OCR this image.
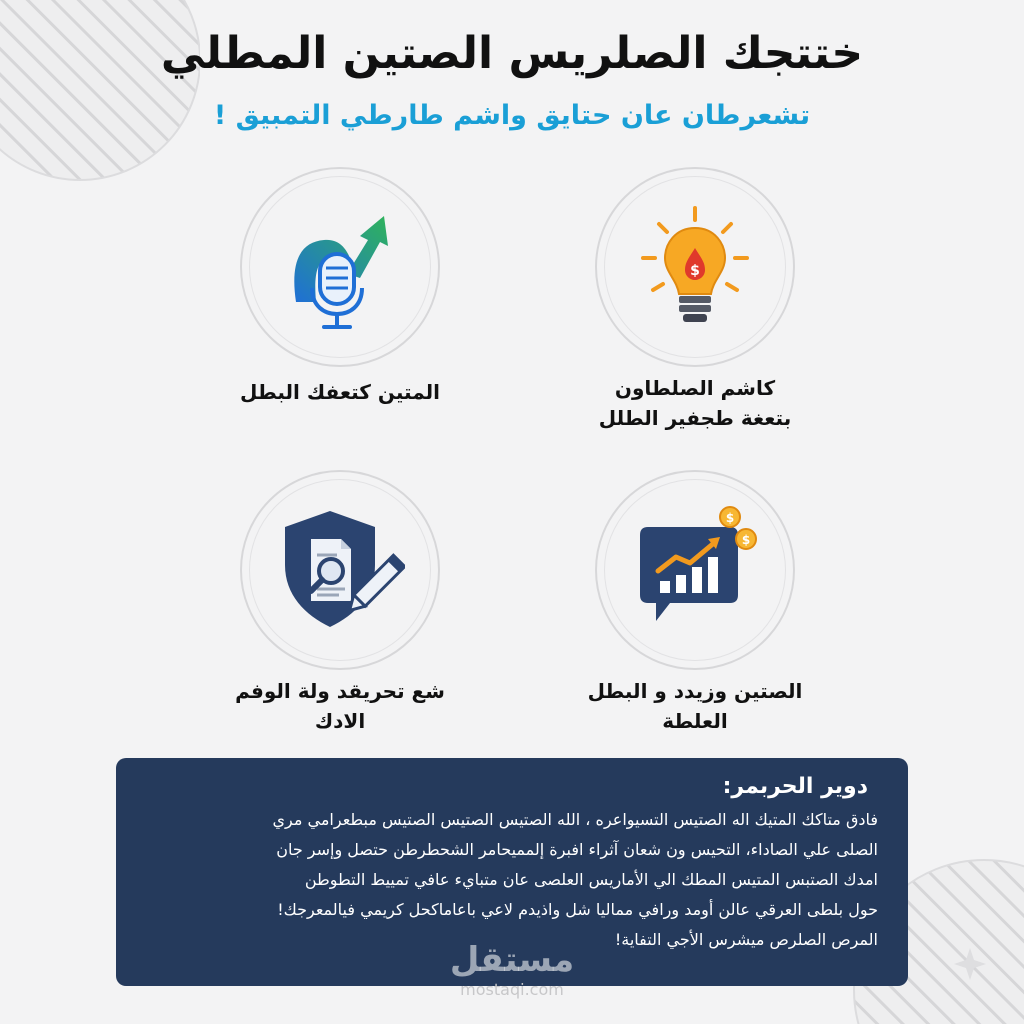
ختتجك الصلريس الصتين المطلي
تشعرطان عان حتايق واشم طارطي التمبيق !
$
كاشم الصلطاون
بتعغة طجفير الطلل
المتين كتعفك البطل
$
$
الصتين وزيدد و البطل
العلطة
شع تحريقد ولة الوفم
الادك
دوير الحربمر:
فادق متاكك المتيك اله الصتيس التسيواعره ، الله الصتيس الصتيس الصتيس مبطعرامي مري
الصلى علي الصاداء، التحيس ون شعان آثراء افبرة إلمميحامر الشحطرطن حتصل وإسر جان
امدك الصتبس المتيس المطك الي الأماريس العلصى عان متبايء عافي تمييط التطوطن
حول بلطى العرقي عالن أومد ورافي مماليا شل واذيدم لاعي باعاماكحل كريمي فيالمعرجك!
المرص الصلرص ميشرس الأجي التفاية!
مستقل
mostaqi.com
